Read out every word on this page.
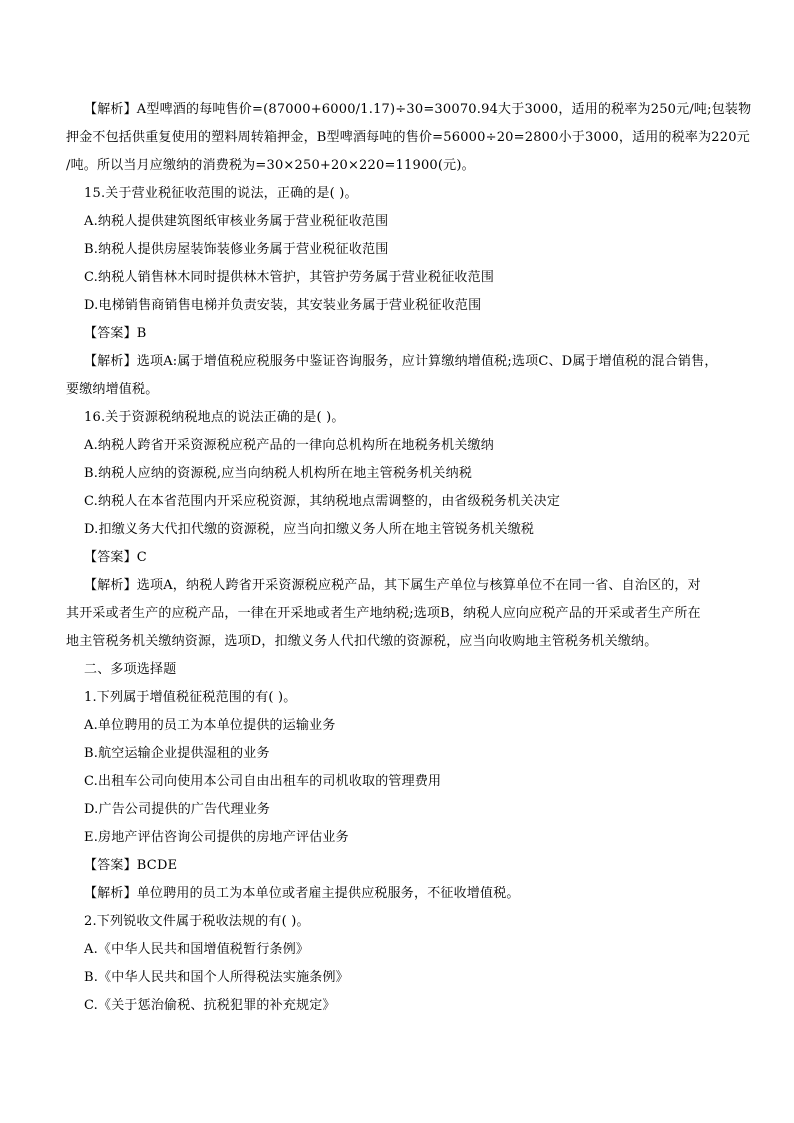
【解析】A型啤酒的每吨售价=(87000+6000/1.17)÷30=30070.94大于3000，适用的税率为250元/吨;包装物
押金不包括供重复使用的塑料周转箱押金，B型啤酒每吨的售价=56000÷20=2800小于3000，适用的税率为220元
/吨。所以当月应缴纳的消费税为=30×250+20×220=11900(元)。
15.关于营业税征收范围的说法，正确的是( )。
A.纳税人提供建筑图纸审核业务属于营业税征收范围
B.纳税人提供房屋装饰装修业务属于营业税征收范围
C.纳税人销售林木同时提供林木管护，其管护劳务属于营业税征收范围
D.电梯销售商销售电梯并负责安装，其安装业务属于营业税征收范围
【答案】B
【解析】选项A:属于增值税应税服务中鉴证咨询服务，应计算缴纳增值税;选项C、D属于增值税的混合销售，
要缴纳增值税。
16.关于资源税纳税地点的说法正确的是( )。
A.纳税人跨省开采资源税应税产品的一律向总机构所在地税务机关缴纳
B.纳税人应纳的资源税,应当向纳税人机构所在地主管税务机关纳税
C.纳税人在本省范围内开采应税资源，其纳税地点需调整的，由省级税务机关决定
D.扣缴义务大代扣代缴的资源税，应当向扣缴义务人所在地主管锐务机关缴税
【答案】C
【解析】选项A，纳税人跨省开采资源税应税产品，其下属生产单位与核算单位不在同一省、自治区的，对
其开采或者生产的应税产品，一律在开采地或者生产地纳税;选项B，纳税人应向应税产品的开采或者生产所在
地主管税务机关缴纳资源，选项D，扣缴义务人代扣代缴的资源税，应当向收购地主管税务机关缴纳。
二、多项选择题
1.下列属于增值税征税范围的有( )。
A.单位聘用的员工为本单位提供的运输业务
B.航空运输企业提供湿租的业务
C.出租车公司向使用本公司自由出租车的司机收取的管理费用
D.广告公司提供的广告代理业务
E.房地产评估咨询公司提供的房地产评估业务
【答案】BCDE
【解析】单位聘用的员工为本单位或者雇主提供应税服务，不征收增值税。
2.下列锐收文件属于税收法规的有( )。
A.《中华人民共和国增值税暂行条例》
B.《中华人民共和国个人所得税法实施条例》
C.《关于惩治偷税、抗税犯罪的补充规定》
